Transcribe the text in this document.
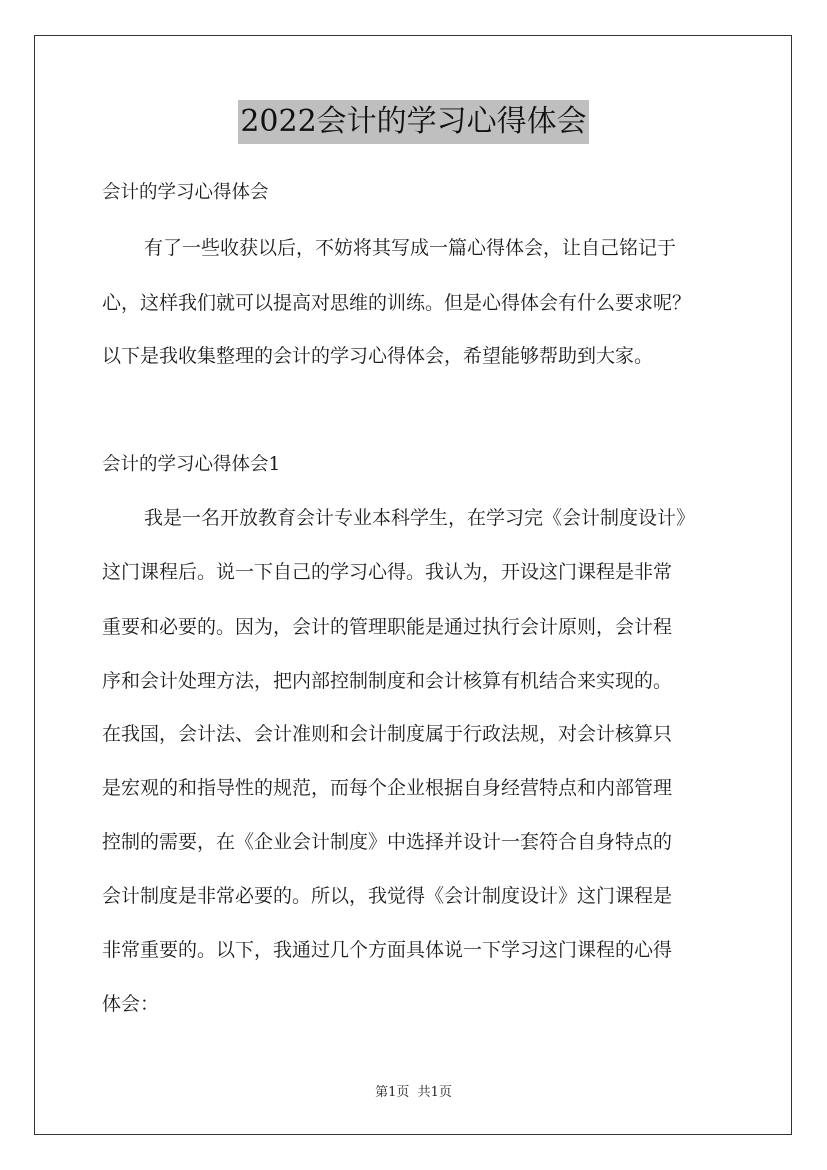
2022会计的学习心得体会
会计的学习心得体会
有了一些收获以后，不妨将其写成一篇心得体会，让自己铭记于
心，这样我们就可以提高对思维的训练。但是心得体会有什么要求呢？
以下是我收集整理的会计的学习心得体会，希望能够帮助到大家。
会计的学习心得体会1
我是一名开放教育会计专业本科学生，在学习完《会计制度设计》
这门课程后。说一下自己的学习心得。我认为，开设这门课程是非常
重要和必要的。因为，会计的管理职能是通过执行会计原则，会计程
序和会计处理方法，把内部控制制度和会计核算有机结合来实现的。
在我国，会计法、会计准则和会计制度属于行政法规，对会计核算只
是宏观的和指导性的规范，而每个企业根据自身经营特点和内部管理
控制的需要，在《企业会计制度》中选择并设计一套符合自身特点的
会计制度是非常必要的。所以，我觉得《会计制度设计》这门课程是
非常重要的。以下，我通过几个方面具体说一下学习这门课程的心得
体会：
第1页  共1页
